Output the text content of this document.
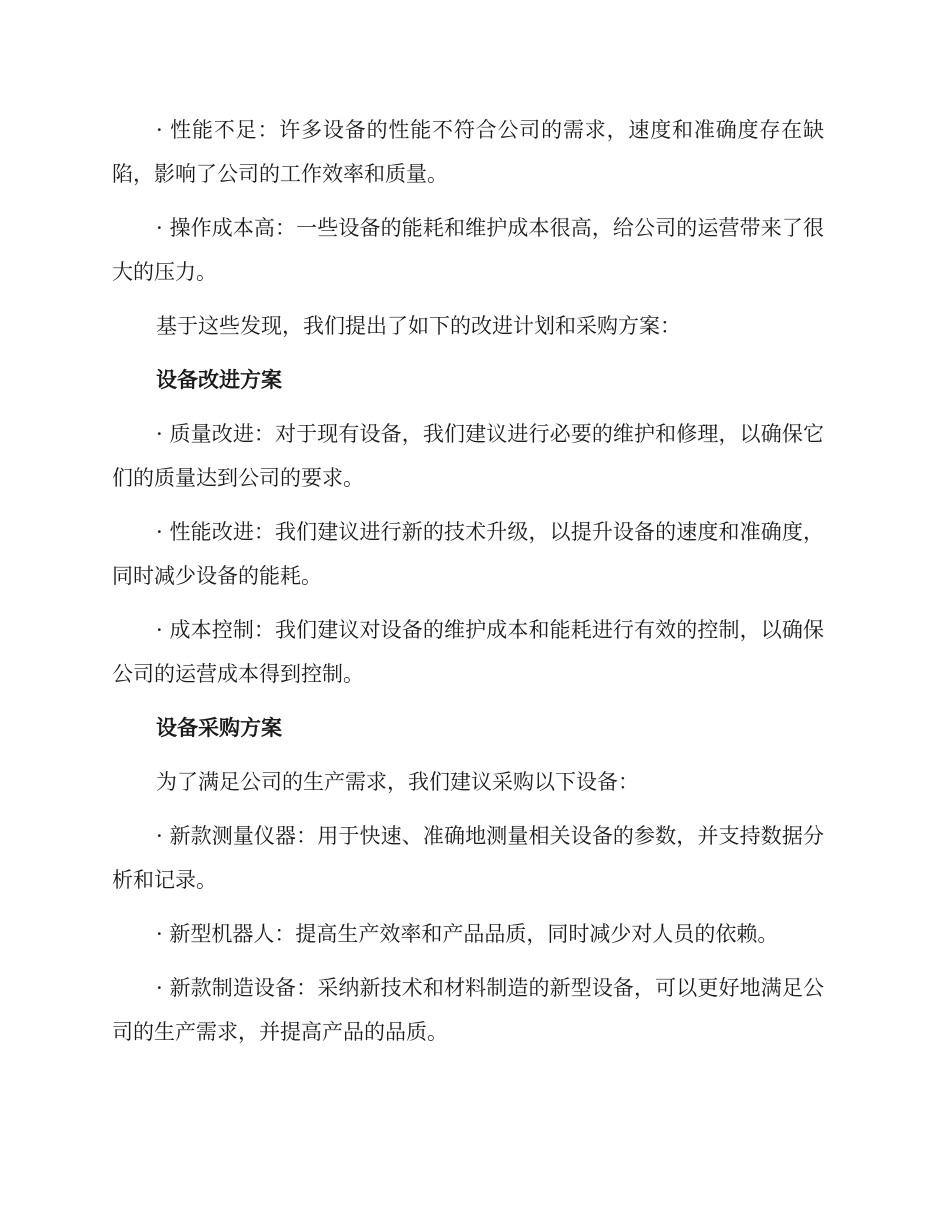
· 性能不足：许多设备的性能不符合公司的需求，速度和准确度存在缺陷，影响了公司的工作效率和质量。

· 操作成本高：一些设备的能耗和维护成本很高，给公司的运营带来了很大的压力。

基于这些发现，我们提出了如下的改进计划和采购方案：

设备改进方案

· 质量改进：对于现有设备，我们建议进行必要的维护和修理，以确保它们的质量达到公司的要求。

· 性能改进：我们建议进行新的技术升级，以提升设备的速度和准确度，同时减少设备的能耗。

· 成本控制：我们建议对设备的维护成本和能耗进行有效的控制，以确保公司的运营成本得到控制。

设备采购方案

为了满足公司的生产需求，我们建议采购以下设备：

· 新款测量仪器：用于快速、准确地测量相关设备的参数，并支持数据分析和记录。

· 新型机器人：提高生产效率和产品品质，同时减少对人员的依赖。

· 新款制造设备：采纳新技术和材料制造的新型设备，可以更好地满足公司的生产需求，并提高产品的品质。
